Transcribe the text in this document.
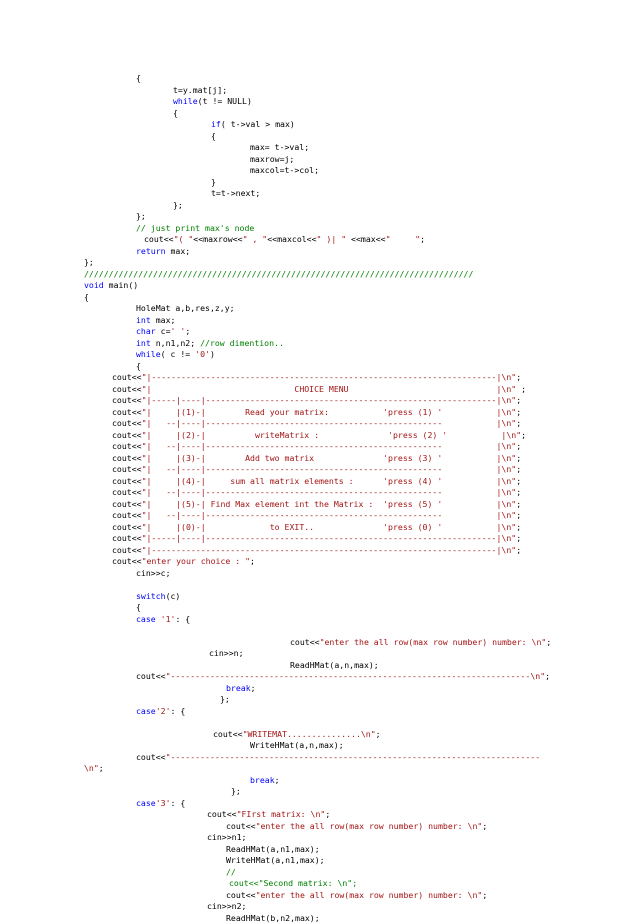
{
t=y.mat[j];
while(t != NULL)
{
if( t->val > max)
{
max= t->val;
maxrow=j;
maxcol=t->col;
}
t=t->next;
};
};
// just print max's node
cout<<"( "<<maxrow<<" , "<<maxcol<<" )| " <<max<<"     ";
return max;
};
///////////////////////////////////////////////////////////////////////////////
void main()
{
HoleMat a,b,res,z,y;
int max;
char c=' ';
int n,n1,n2; //row dimention..
while( c != '0')
{
cout<<"|----------------------------------------------------------------------|\n";
cout<<"|                             CHOICE MENU                              |\n" ;
cout<<"|-----|----|-----------------------------------------------------------|\n";
cout<<"|     |(1)-|        Read your matrix:           'press (1) '           |\n";
cout<<"|   --|----|------------------------------------------------           |\n";
cout<<"|     |(2)-|          writeMatrix :              'press (2) '           |\n";
cout<<"|   --|----|------------------------------------------------           |\n";
cout<<"|     |(3)-|        Add two matrix              'press (3) '           |\n";
cout<<"|   --|----|------------------------------------------------           |\n";
cout<<"|     |(4)-|     sum all matrix elements :      'press (4) '           |\n";
cout<<"|   --|----|------------------------------------------------           |\n";
cout<<"|     |(5)-| Find Max element int the Matrix :  'press (5) '           |\n";
cout<<"|   --|----|------------------------------------------------           |\n";
cout<<"|     |(0)-|             to EXIT..              'press (0) '           |\n";
cout<<"|-----|----|-----------------------------------------------------------|\n";
cout<<"|----------------------------------------------------------------------|\n";
cout<<"enter your choice : ";
cin>>c;
switch(c)
{
case '1': {
cout<<"enter the all row(max row number) number: \n";
cin>>n;
ReadHMat(a,n,max);
cout<<"-------------------------------------------------------------------------\n";
break;
};
case'2': {
cout<<"WRITEMAT...............\n";
WriteHMat(a,n,max);
cout<<"---------------------------------------------------------------------------
\n";
break;
};
case'3': {
cout<<"FIrst matrix: \n";
cout<<"enter the all row(max row number) number: \n";
cin>>n1;
ReadHMat(a,n1,max);
WriteHMat(a,n1,max);
//
cout<<"Second matrix: \n";
cout<<"enter the all row(max row number) number: \n";
cin>>n2;
ReadHMat(b,n2,max);
